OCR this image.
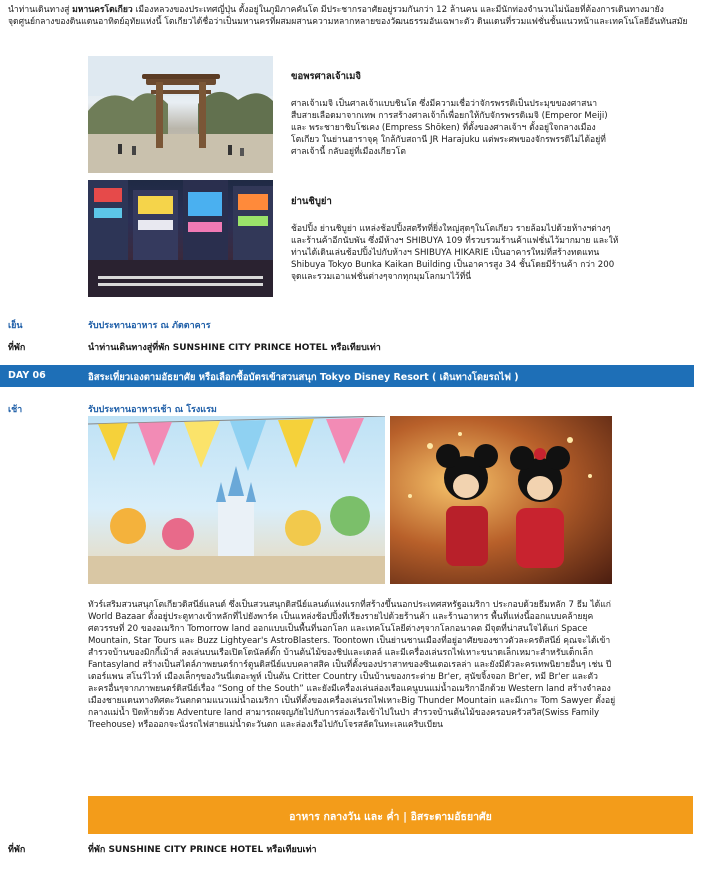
นำท่านเดินทางสู่ มหานครโตเกียว เมืองหลวงของประเทศญี่ปุ่น ตั้งอยู่ในภูมิภาคคันโต มีประชากรอาศัยอยู่รวมกันกว่า 12 ล้านคน และมีนักท่องจำนวนไม่น้อยที่ต้องการเดินทางมายังจุดศูนย์กลางของดินแดนอาทิตย์อุทัยแห่งนี้ โตเกียวได้ชื่อว่าเป็นมหานครที่ผสมผสานความหลากหลายของวัฒนธรรมอันเฉพาะตัว ดินแดนที่รวมแฟชั่นชั้นแนวหน้าและเทคโนโลยีอันทันสมัย
ขอพรศาลเจ้าเมจิ
ศาลเจ้าเมจิ เป็นศาลเจ้าแบบชินโต ซึ่งมีความเชื่อว่าจักรพรรดิเป็นประมุขของศาสนา สืบสายเลือดมาจากเทพ การสร้างศาลเจ้าก็เพื่อยกให้กับจักรพรรดิเมจิ (Emperor Meiji) และ พระชายาชิบโชเคง (Empress Shōken) ที่ตั้งของศาลเจ้าฯ ตั้งอยู่ใจกลางเมืองโตเกียว ในย่านฮาราจุคุ ใกล้กับสถานี JR Harajuku แต่พระศพของจักรพรรดิไม่ได้อยู่ที่ศาลเจ้านี้ กลับอยู่ที่เมืองเกียวโต
ย่านชิบูย่า
ช้อปปิ้ง ย่านชิบูย่า แหล่งช้อปปิ้งสตรีทที่ยิ่งใหญ่สุดๆในโตเกียว รายล้อมไปด้วยห้างฯต่างๆและร้านค้าอีกนับพัน ซึ่งมีห้างฯ SHIBUYA 109 ที่รวบรวมร้านค้าแฟชั่นไว้มากมาย และให้ท่านได้เดินเล่นช้อปปิ้งไปกับห้างฯ SHIBUYA HIKARIE เป็นอาคารใหม่ที่สร้างทดแทน Shibuya Tokyo Bunka Kaikan Building เป็นอาคารสูง 34 ชั้นโดยมีร้านค้า กว่า 200 จุดและรวมเอาแฟชั่นต่างๆจากทุกมุมโลกมาไว้ที่นี่
เย็น	รับประทานอาหาร ณ ภัตตาคาร
ที่พัก	นำท่านเดินทางสู่ที่พัก SUNSHINE CITY PRINCE HOTEL หรือเทียบเท่า
DAY 06	อิสระเที่ยวเองตามอัธยาศัย หรือเลือกซื้อบัตรเข้าสวนสนุก Tokyo Disney Resort ( เดินทางโดยรถไฟ )
เช้า	รับประทานอาหารเช้า ณ โรงแรม
ทัวร์เสริมสวนสนุกโตเกียวดิสนีย์แลนด์ ซึ่งเป็นสวนสนุกดิสนีย์แลนด์แห่งแรกที่สร้างขึ้นนอกประเทศสหรัฐอเมริกา ประกอบด้วยธีมหลัก 7 ธีม ได้แก่ World Bazaar ตั้งอยู่ประตูทางเข้าหลักที่ไปยังพาร์ค เป็นแหล่งช้อปปิ้งที่เรียงรายไปด้วยร้านค้า และร้านอาหาร พื้นที่แห่งนี้ออกแบบคล้ายยุคศตวรรษที่ 20 ของอเมริกา Tomorrow land ออกแบบเป็นพื้นที่นอกโลก และเทคโนโลยีต่างๆจากโลกอนาคต มีจุดที่น่าสนใจได้แก่ Space Mountain, Star Tours และ Buzz Lightyear's AstroBlasters. Toontown เป็นย่านชานเมืองที่อยู่อาศัยของชาวตัวละครดิสนีย์ คุณจะได้เข้าสำรวจบ้านของมิกกี้เม้าส์ ลงเล่นบนเรือเปิดโดนัลด์ดั๊ก บ้านต้นไม้ของชิปและเดลล์ และมีเครื่องเล่นรถไฟเหาะขนาดเล็กเหมาะสำหรับเด็กเล็ก Fantasyland สร้างเป็นสไตล์ภาพยนตร์การ์ตูนดิสนีย์แบบคลาสสิค เป็นที่ตั้งของปราสาทของซินเดอเรลล่า และยังมีตัวละครเทพนิยายอื่นๆ เช่น ปีเตอร์แพน สโนว์ไวท์ เมืองเล็กๆของวินนี่เดอะพูห์ เป็นต้น Critter Country เป็นบ้านของกระต่าย Br'er, สุนัขจิ้งจอก Br'er, หมี Br'er และตัวละครอื่นๆจากภาพยนตร์ดิสนีย์เรื่อง “Song of the South” และยังมีเครื่องเล่นล่องเรือแคนูบนแม่น้ำอเมริกาอีกด้วย Western land สร้างจำลองเมืองชายแดนทางทิศตะวันตกตามแนวแม่น้ำอเมริกา เป็นที่ตั้งของเครื่องเล่นรถไฟเหาะBig Thunder Mountain และมีเกาะ Tom Sawyer ตั้งอยู่กลางแม่น้ำ ปิดท้ายด้วย Adventure land สามารถผจญภัยไปกับการล่องเรือเข้าไปในป่า สำรวจบ้านต้นไม้ของครอบครัวสวิส(Swiss Family Treehouse) หรือออกจะนั่งรถไฟสายแม่น้ำตะวันตก และล่องเรือไปกับโจรสลัดในทะเลแคริบเบียน
อาหาร กลางวัน และ ค่ำ | อิสระตามอัธยาศัย
ที่พัก	ที่พัก SUNSHINE CITY PRINCE HOTEL หรือเทียบเท่า
